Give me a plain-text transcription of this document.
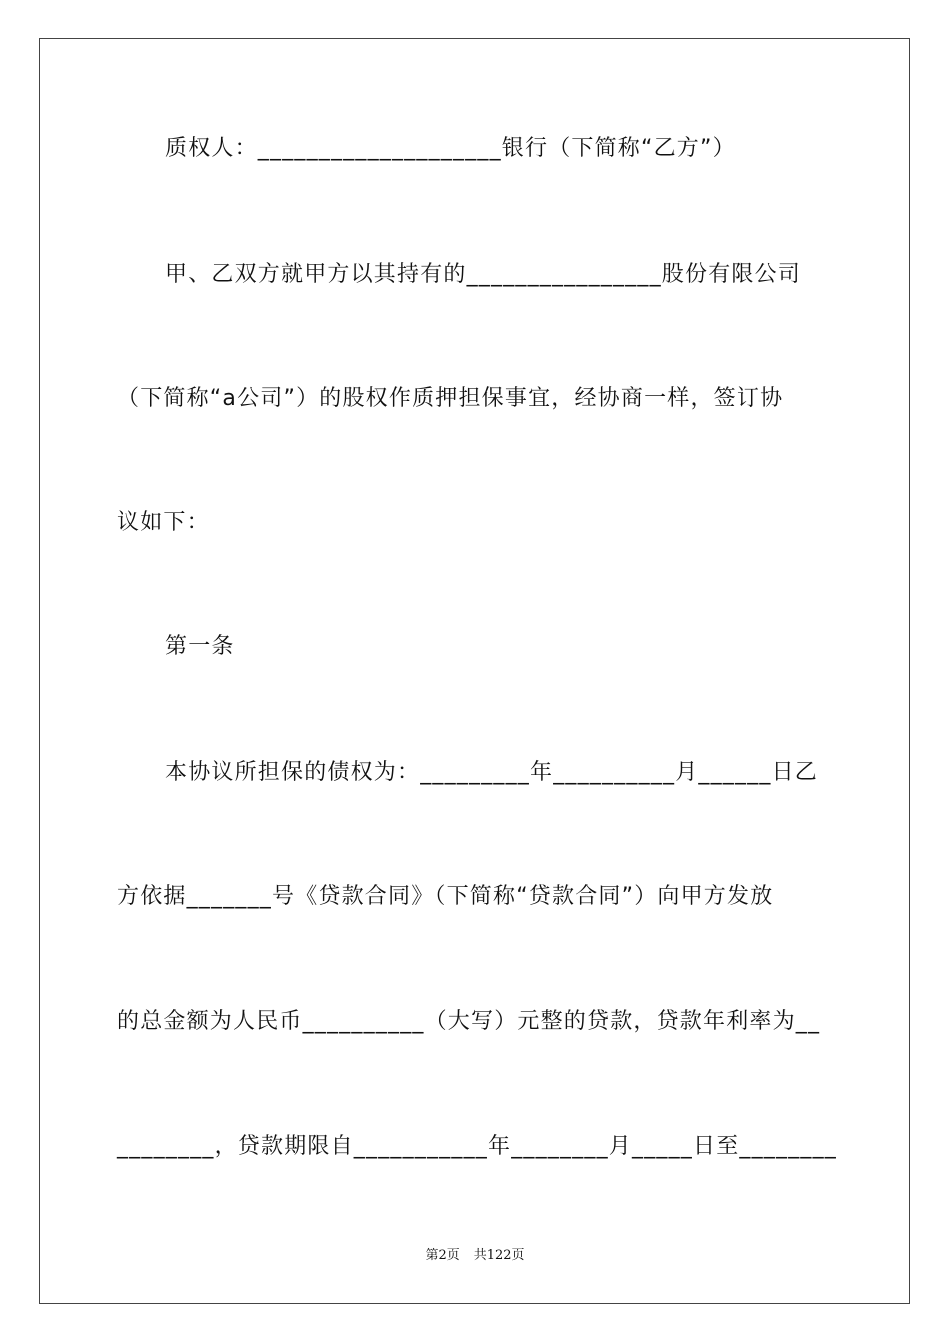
质权人：____________________银行（下简称“乙方”）
甲、乙双方就甲方以其持有的________________股份有限公司
（下简称“a公司”）的股权作质押担保事宜，经协商一样，签订协
议如下：
第一条
本协议所担保的债权为：_________年__________月______日乙
方依据_______号《贷款合同》（下简称“贷款合同”）向甲方发放
的总金额为人民币__________（大写）元整的贷款，贷款年利率为__
________，贷款期限自___________年________月_____日至________
第2页 共122页
